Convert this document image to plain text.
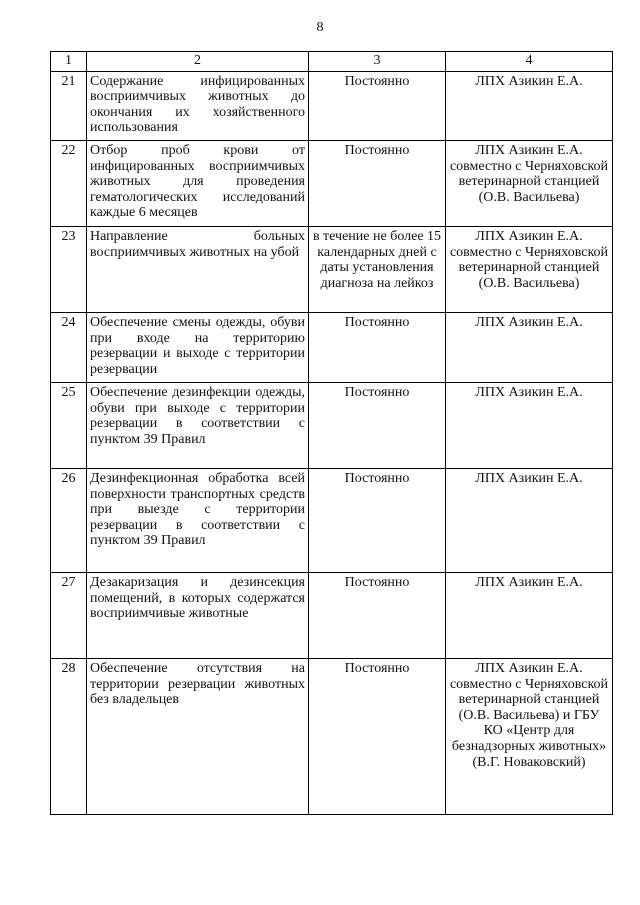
8
1	2	3	4
21	Содержание инфицированных восприимчивых животных до окончания их хозяйственного использования	Постоянно	ЛПХ Азикин Е.А.
22	Отбор проб крови от инфицированных восприимчивых животных для проведения гематологических исследований каждые 6 месяцев	Постоянно	ЛПХ Азикин Е.А. совместно с Черняховской ветеринарной станцией (О.В. Васильева)
23	Направление больных восприимчивых животных на убой	в течение не более 15 календарных дней с даты установления диагноза на лейкоз	ЛПХ Азикин Е.А. совместно с Черняховской ветеринарной станцией (О.В. Васильева)
24	Обеспечение смены одежды, обуви при входе на территорию резервации и выходе с территории резервации	Постоянно	ЛПХ Азикин Е.А.
25	Обеспечение дезинфекции одежды, обуви при выходе с территории резервации в соответствии с пунктом 39 Правил	Постоянно	ЛПХ Азикин Е.А.
26	Дезинфекционная обработка всей поверхности транспортных средств при выезде с территории резервации в соответствии с пунктом 39 Правил	Постоянно	ЛПХ Азикин Е.А.
27	Дезакаризация и дезинсекция помещений, в которых содержатся восприимчивые животные	Постоянно	ЛПХ Азикин Е.А.
28	Обеспечение отсутствия на территории резервации животных без владельцев	Постоянно	ЛПХ Азикин Е.А. совместно с Черняховской ветеринарной станцией (О.В. Васильева) и ГБУ КО «Центр для безнадзорных животных» (В.Г. Новаковский)
